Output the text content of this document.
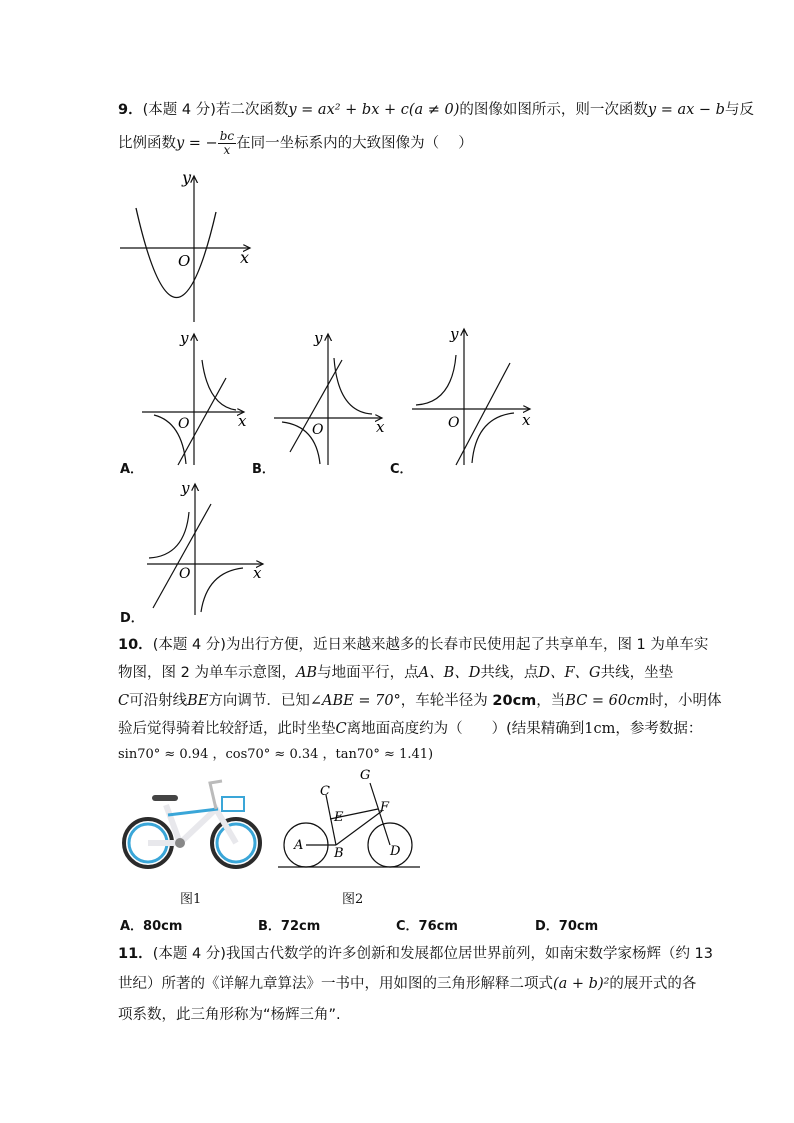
9．(本题 4 分)若二次函数y = ax² + bx + c(a ≠ 0)的图像如图所示，则一次函数y = ax − b与反
比例函数y = − $\frac{bc}{x}$ 在同一坐标系内的大致图像为（　 ）
y
x
O
y
x
O
A．
y
x
O
B．
y
x
O
C．
y
x
O
D．
10．(本题 4 分)为出行方便，近日来越来越多的长春市民使用起了共享单车，图 1 为单车实
物图，图 2 为单车示意图，AB与地面平行，点A、B、D共线，点D、F、G共线，坐垫
C可沿射线BE方向调节．已知∠ABE = 70°，车轮半径为 20cm，当BC = 60cm时，小明体
验后觉得骑着比较舒适，此时坐垫C离地面高度约为（　　）(结果精确到1cm，参考数据：
sin70° ≈ 0.94 ，cos70° ≈ 0.34 ，tan70° ≈ 1.41)
图1
A
B
C
D
E
F
G
图2
A．80cm	B．72cm	C．76cm	D．70cm
11．(本题 4 分)我国古代数学的许多创新和发展都位居世界前列，如南宋数学家杨辉（约 13
世纪）所著的《详解九章算法》一书中，用如图的三角形解释二项式(a + b)²的展开式的各
项系数，此三角形称为“杨辉三角”.
